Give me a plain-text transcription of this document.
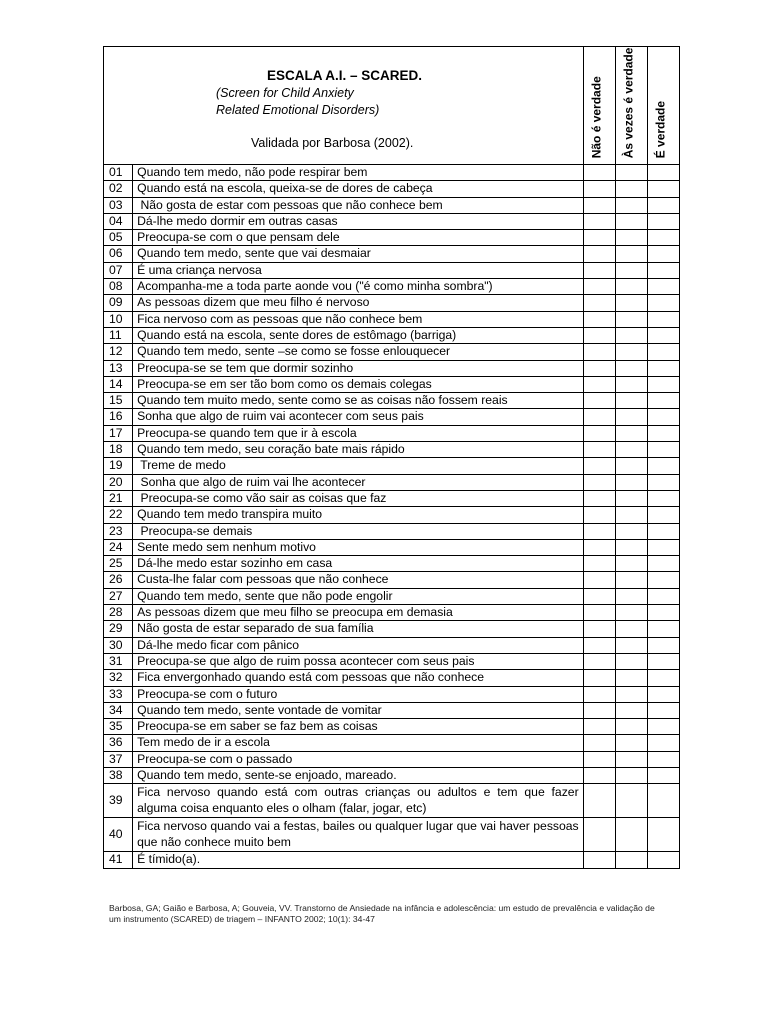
ESCALA A.I. – SCARED.
(Screen for Child Anxiety
Related Emotional Disorders)
Validada por Barbosa (2002).		Não é verdade	Às vezes é verdade	É verdade

01	Quando tem medo, não pode respirar bem			
02	Quando está na escola, queixa-se de dores de cabeça			
03	Não gosta de estar com pessoas que não conhece bem			
04	Dá-lhe medo dormir em outras casas			
05	Preocupa-se com o que pensam dele			
06	Quando tem medo, sente que vai desmaiar			
07	É uma criança nervosa			
08	Acompanha-me a toda parte aonde vou ("é como minha sombra")			
09	As pessoas dizem que meu filho é nervoso			
10	Fica nervoso com as pessoas que não conhece bem			
11	Quando está na escola, sente dores de estômago (barriga)			
12	Quando tem medo, sente –se como se fosse enlouquecer			
13	Preocupa-se se tem que dormir sozinho			
14	Preocupa-se em ser tão bom como os demais colegas			
15	Quando tem muito medo, sente como se as coisas não fossem reais			
16	Sonha que algo de ruim vai acontecer com seus pais			
17	Preocupa-se quando tem que ir à escola			
18	Quando tem medo, seu coração bate mais rápido			
19	Treme de medo			
20	Sonha que algo de ruim vai lhe acontecer			
21	Preocupa-se como vão sair as coisas que faz			
22	Quando tem medo transpira muito			
23	Preocupa-se demais			
24	Sente medo sem nenhum motivo			
25	Dá-lhe medo estar sozinho em casa			
26	Custa-lhe falar com pessoas que não conhece			
27	Quando tem medo, sente que não pode engolir			
28	As pessoas dizem que meu filho se preocupa em demasia			
29	Não gosta de estar separado de sua família			
30	Dá-lhe medo ficar com pânico			
31	Preocupa-se que algo de ruim possa acontecer com seus pais			
32	Fica envergonhado quando está com pessoas que não conhece			
33	Preocupa-se com o futuro			
34	Quando tem medo, sente vontade de vomitar			
35	Preocupa-se em saber se faz bem as coisas			
36	Tem medo de ir a escola			
37	Preocupa-se com o passado			
38	Quando tem medo, sente-se enjoado, mareado.			
39	Fica nervoso quando está com outras crianças ou adultos e tem que fazer alguma coisa enquanto eles o olham (falar, jogar, etc)			
40	Fica nervoso quando vai a festas, bailes ou qualquer lugar que vai haver pessoas que não conhece muito bem			
41	É tímido(a).			
Barbosa, GA; Gaião e Barbosa, A; Gouveia, VV. Transtorno de Ansiedade na infância e adolescência: um estudo de prevalência e validação de um instrumento (SCARED) de triagem – INFANTO 2002; 10(1): 34-47
